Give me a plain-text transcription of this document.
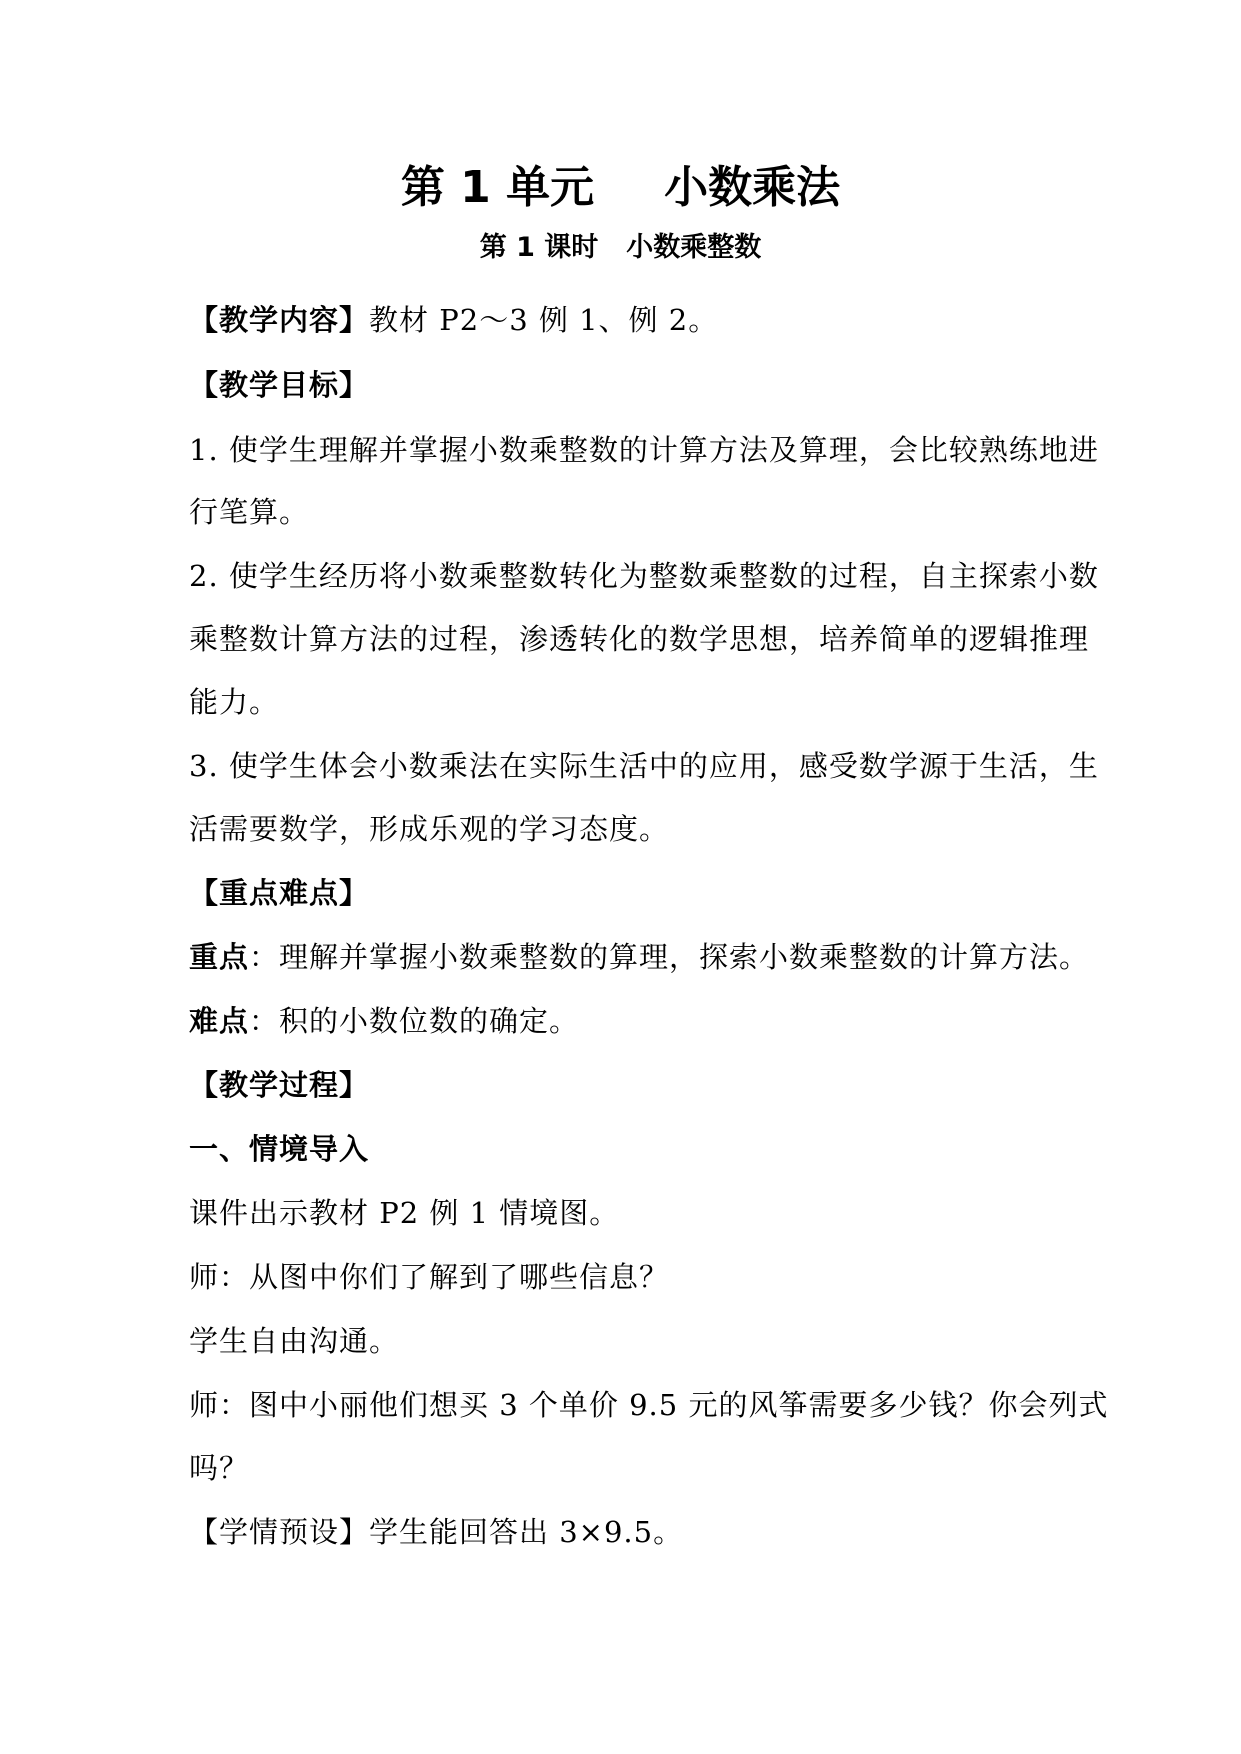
第 1 单元 小数乘法
第 1 课时 小数乘整数
【教学内容】教材 P2～3 例 1、例 2。
【教学目标】
1. 使学生理解并掌握小数乘整数的计算方法及算理，会比较熟练地进
行笔算。
2. 使学生经历将小数乘整数转化为整数乘整数的过程，自主探索小数
乘整数计算方法的过程，渗透转化的数学思想，培养简单的逻辑推理
能力。
3. 使学生体会小数乘法在实际生活中的应用，感受数学源于生活，生
活需要数学，形成乐观的学习态度。
【重点难点】
重点：理解并掌握小数乘整数的算理，探索小数乘整数的计算方法。
难点：积的小数位数的确定。
【教学过程】
一、情境导入
课件出示教材 P2 例 1 情境图。
师：从图中你们了解到了哪些信息？
学生自由沟通。
师：图中小丽他们想买 3 个单价 9.5 元的风筝需要多少钱？你会列式
吗？
【学情预设】学生能回答出 3×9.5。
